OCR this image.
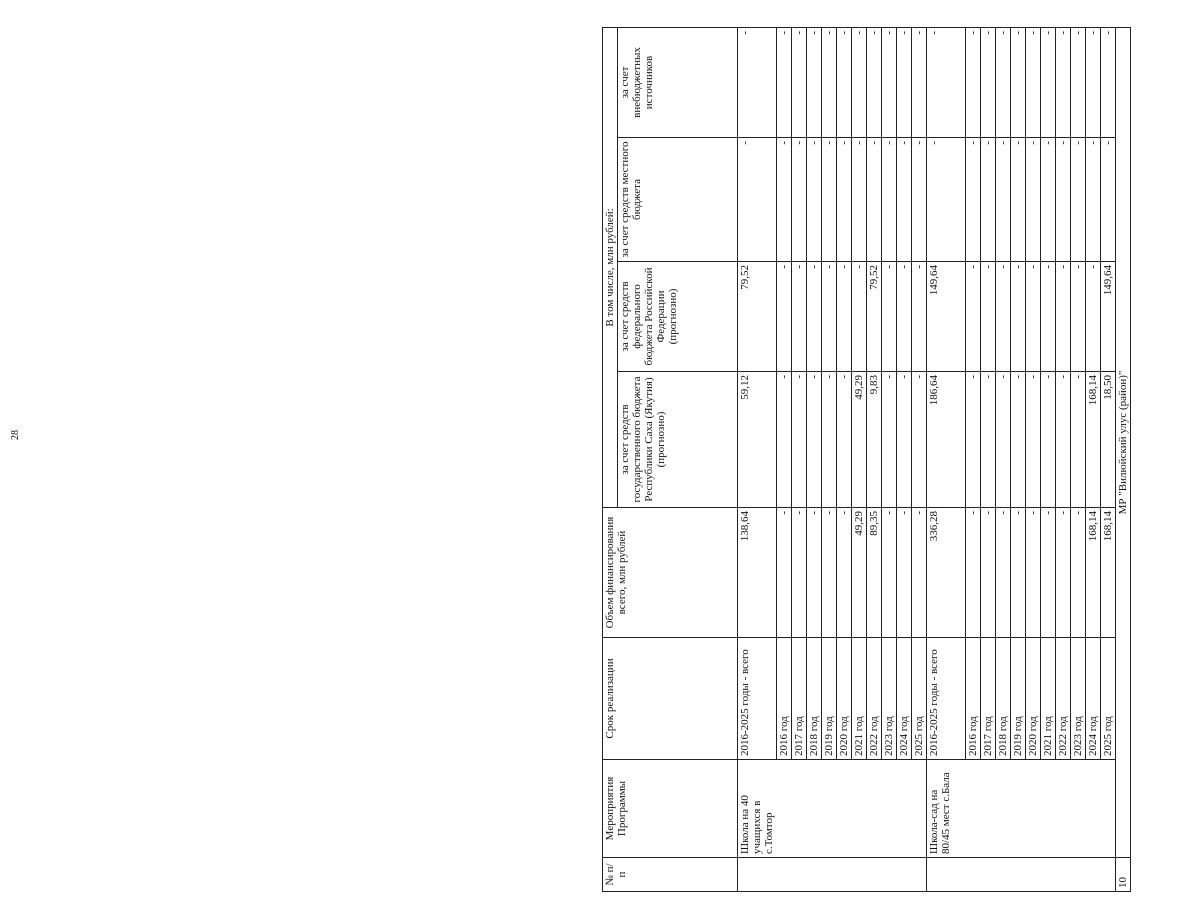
28
№ п/п	Мероприятия Программы	Срок реализации	Объем финансирования всего, млн рублей	В том числе, млн рублей:			
				за счет средств государственного бюджета Республики Саха (Якутия) (прогнозно)	за счет средств федерального бюджета Российской Федерации (прогнозно)	за счет средств местного бюджета	за счет внебюджетных источников
	Школа на 40 учащихся в с.Томтор	2016-2025 годы - всего	138,64	59,12	79,52	-	-
		2016 год	-	-	-	-	-
		2017 год	-	-	-	-	-
		2018 год	-	-	-	-	-
		2019 год	-	-	-	-	-
		2020 год	-	-	-	-	-
		2021 год	49,29	49,29	-	-	-
		2022 год	89,35	9,83	79,52	-	-
		2023 год	-	-	-	-	-
		2024 год	-	-	-	-	-
		2025 год	-	-	-	-	-
	Школа-сад на 80/45 мест с.Бала	2016-2025 годы - всего	336,28	186,64	149,64	-	-
		2016 год	-	-	-	-	-
		2017 год	-	-	-	-	-
		2018 год	-	-	-	-	-
		2019 год	-	-	-	-	-
		2020 год	-	-	-	-	-
		2021 год	-	-	-	-	-
		2022 год	-	-	-	-	-
		2023 год	-	-	-	-	-
		2024 год	168,14	168,14	-	-	-
		2025 год	168,14	18,50	149,64	-	-
10	МР "Вилюйский улус (район)"						
